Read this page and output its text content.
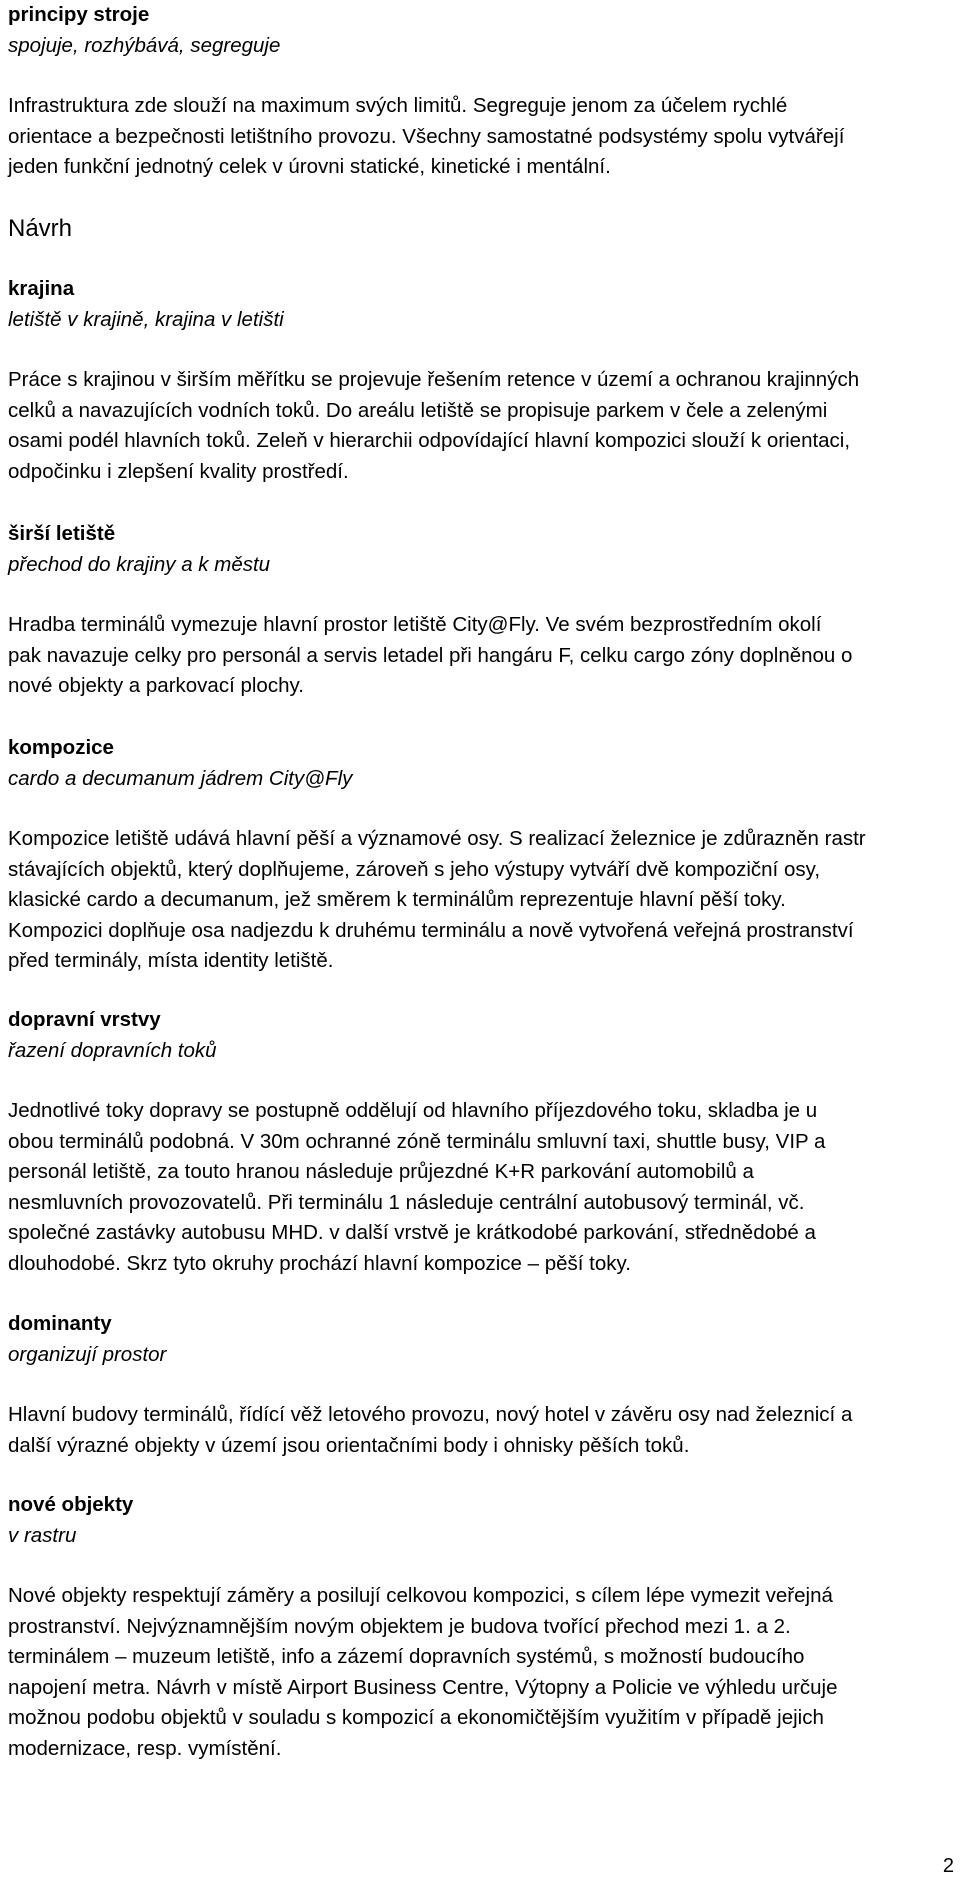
principy stroje

spojuje, rozhýbává, segreguje

Infrastruktura zde slouží na maximum svých limitů. Segreguje jenom za účelem rychlé
orientace a bezpečnosti letištního provozu. Všechny samostatné podsystémy spolu vytvářejí
jeden funkční jednotný celek v úrovni statické, kinetické i mentální.
Návrh

krajina

letiště v krajině, krajina v letišti

Práce s krajinou v širším měřítku se projevuje řešením retence v území a ochranou krajinných
celků a navazujících vodních toků. Do areálu letiště se propisuje parkem v čele a zelenými
osami podél hlavních toků. Zeleň v hierarchii odpovídající hlavní kompozici slouží k orientaci,
odpočinku i zlepšení kvality prostředí.

širší letiště

přechod do krajiny a k městu

Hradba terminálů vymezuje hlavní prostor letiště City@Fly. Ve svém bezprostředním okolí
pak navazuje celky pro personál a servis letadel při hangáru F, celku cargo zóny doplněnou o
nové objekty a parkovací plochy.

kompozice

cardo a decumanum jádrem City@Fly

Kompozice letiště udává hlavní pěší a významové osy. S realizací železnice je zdůrazněn rastr
stávajících objektů, který doplňujeme, zároveň s jeho výstupy vytváří dvě kompoziční osy,
klasické cardo a decumanum, jež směrem k terminálům reprezentuje hlavní pěší toky.
Kompozici doplňuje osa nadjezdu k druhému terminálu a nově vytvořená veřejná prostranství
před terminály, místa identity letiště.

dopravní vrstvy

řazení dopravních toků

Jednotlivé toky dopravy se postupně oddělují od hlavního příjezdového toku, skladba je u
obou terminálů podobná. V 30m ochranné zóně terminálu smluvní taxi, shuttle busy, VIP a
personál letiště, za touto hranou následuje průjezdné K+R parkování automobilů a
nesmluvních provozovatelů. Při terminálu 1 následuje centrální autobusový terminál, vč.
společné zastávky autobusu MHD. v další vrstvě je krátkodobé parkování, střednědobé a
dlouhodobé. Skrz tyto okruhy prochází hlavní kompozice – pěší toky.

dominanty

organizují prostor

Hlavní budovy terminálů, řídící věž letového provozu, nový hotel v závěru osy nad železnicí a
další výrazné objekty v území jsou orientačními body i ohnisky pěších toků.

nové objekty

v rastru

Nové objekty respektují záměry a posilují celkovou kompozici, s cílem lépe vymezit veřejná
prostranství. Nejvýznamnějším novým objektem je budova tvořící přechod mezi 1. a 2.
terminálem – muzeum letiště, info a zázemí dopravních systémů, s možností budoucího
napojení metra. Návrh v místě Airport Business Centre, Výtopny a Policie ve výhledu určuje
možnou podobu objektů v souladu s kompozicí a ekonomičtějším využitím v případě jejich
modernizace, resp. vymístění.
2
